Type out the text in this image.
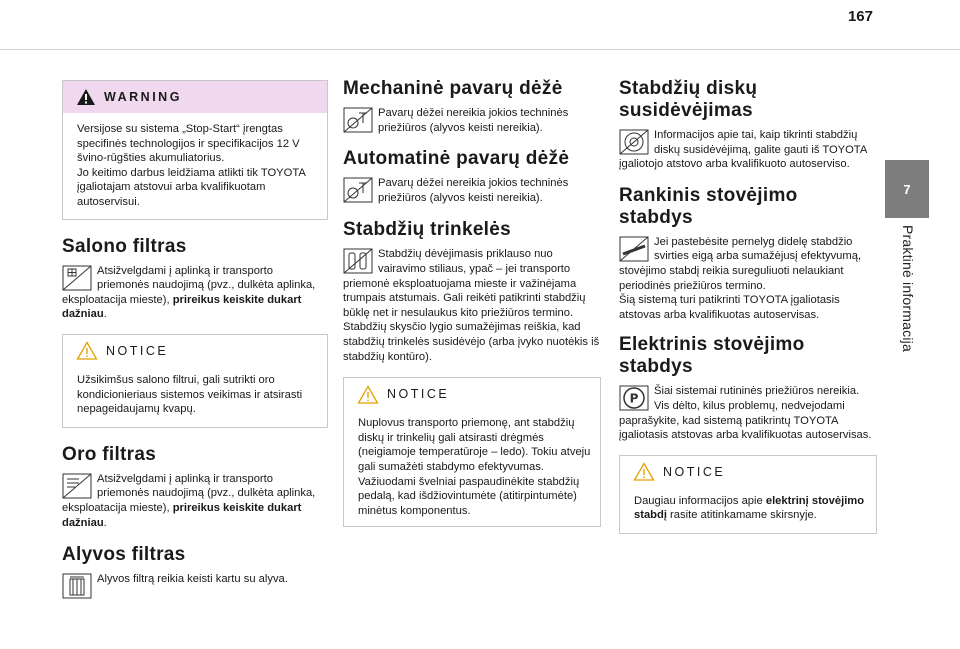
167
7
Praktinė informacija
WARNING

Versijose su sistema „Stop-Start“ įrengtas specifinės technologijos ir specifikacijos 12 V švino-rūgšties akumuliatorius.

Jo keitimo darbus leidžiama atlikti tik TOYOTA įgaliotajam atstovui arba kvalifikuotam autoservisui.

Salono filtras

Atsižvelgdami į aplinką ir transporto priemonės naudojimą (pvz., dulkėta aplinka, eksploatacija mieste), prireikus keiskite dukart dažniau.

NOTICE

Užsikimšus salono filtrui, gali sutrikti oro kondicionieriaus sistemos veikimas ir atsirasti nepageidaujamų kvapų.

Oro filtras

Atsižvelgdami į aplinką ir transporto priemonės naudojimą (pvz., dulkėta aplinka, eksploatacija mieste), prireikus keiskite dukart dažniau.

Alyvos filtras

Alyvos filtrą reikia keisti kartu su alyva.

Mechaninė pavarų dėžė

Pavarų dėžei nereikia jokios techninės priežiūros (alyvos keisti nereikia).

Automatinė pavarų dėžė

Pavarų dėžei nereikia jokios techninės priežiūros (alyvos keisti nereikia).

Stabdžių trinkelės

Stabdžių dėvėjimasis priklauso nuo vairavimo stiliaus, ypač – jei transporto priemonė eksploatuojama mieste ir važinėjama trumpais atstumais. Gali reikėti patikrinti stabdžių būklę net ir nesulaukus kito priežiūros termino.

Stabdžių skysčio lygio sumažėjimas reiškia, kad stabdžių trinkelės susidėvėjo (arba įvyko nuotėkis iš stabdžių kontūro).

NOTICE

Nuplovus transporto priemonę, ant stabdžių diskų ir trinkelių gali atsirasti drėgmės (neigiamoje temperatūroje – ledo). Tokiu atveju gali sumažėti stabdymo efektyvumas. Važiuodami švelniai paspaudinėkite stabdžių pedalą, kad išdžiovintumėte (atitirpintumėte) minėtus komponentus.

Stabdžių diskų
susidėvėjimas

Informacijos apie tai, kaip tikrinti stabdžių diskų susidėvėjimą, galite gauti iš TOYOTA įgaliotojo atstovo arba kvalifikuoto autoserviso.

Rankinis stovėjimo stabdys

Jei pastebėsite pernelyg didelę stabdžio svirties eigą arba sumažėjusį efektyvumą, stovėjimo stabdį reikia sureguliuoti nelaukiant periodinės priežiūros termino.

Šią sistemą turi patikrinti TOYOTA įgaliotasis atstovas arba kvalifikuotas autoservisas.

Elektrinis stovėjimo stabdys
P

Šiai sistemai rutininės priežiūros nereikia. Vis dėlto, kilus problemų, nedvejodami paprašykite, kad sistemą patikrintų TOYOTA įgaliotasis atstovas arba kvalifikuotas autoservisas.

NOTICE

Daugiau informacijos apie elektrinį stovėjimo stabdį rasite atitinkamame skirsnyje.
